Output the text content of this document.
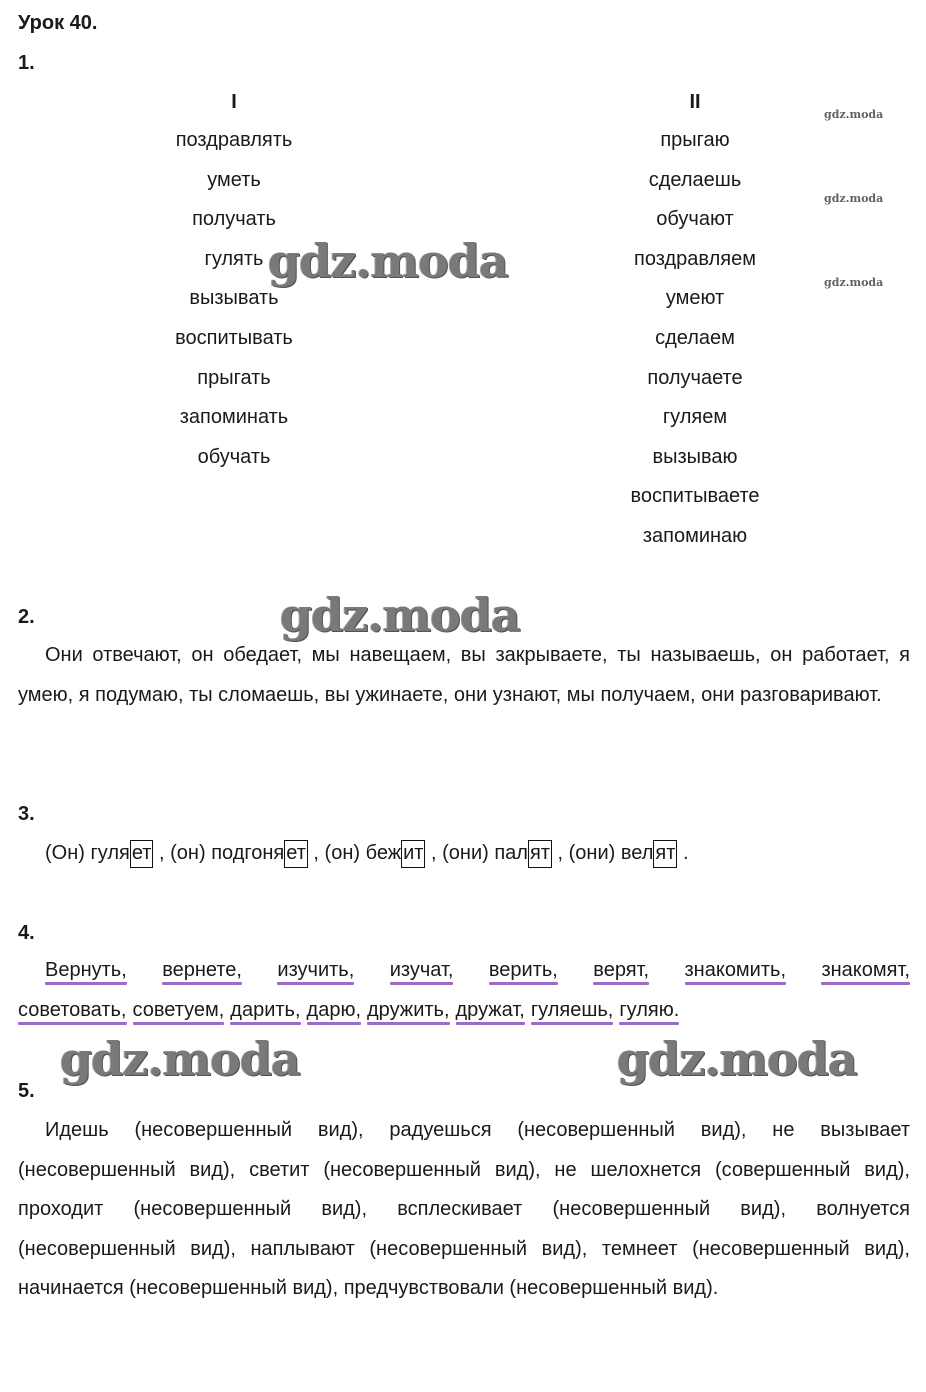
Урок 40.
1.
I
поздравлять
уметь
получать
гулять
вызывать
воспитывать
прыгать
запоминать
обучать
II
прыгаю
сделаешь
обучают
поздравляем
умеют
сделаем
получаете
гуляем
вызываю
воспитываете
запоминаю
2.
Они отвечают, он обедает, мы навещаем, вы закрываете, ты называешь, он работает, я умею, я подумаю, ты сломаешь, вы ужинаете, они узнают, мы получаем, они разговаривают.
3.
(Он) гуля ет , (он) подгоня ет , (он) беж ит , (они) пал ят , (они) вел ят .
4.
Вернуть, вернете, изучить, изучат, верить, верят, знакомить, знакомят,
советовать, советуем, дарить, дарю, дружить, дружат, гуляешь, гуляю.
5.
Идешь (несовершенный вид), радуешься (несовершенный вид), не вызывает (несовершенный вид), светит (несовершенный вид), не шелохнется (совершенный вид), проходит (несовершенный вид), всплескивает (несовершенный вид), волнуется (несовершенный вид), наплывают (несовершенный вид), темнеет (несовершенный вид), начинается (несовершенный вид), предчувствовали (несовершенный вид).
gdz.moda
gdz.moda
gdz.moda	gdz.moda
gdz.moda
gdz.moda
gdz.moda
